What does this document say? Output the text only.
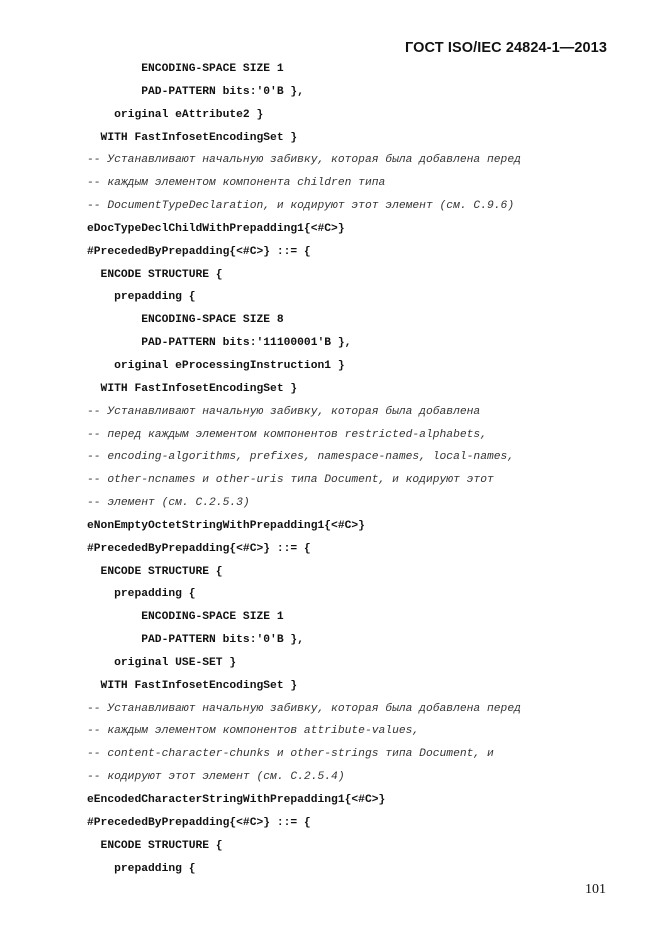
ГОСТ ISO/IEC 24824-1—2013
ENCODING-SPACE SIZE 1
PAD-PATTERN bits:'0'B },
original eAttribute2 }
WITH FastInfosetEncodingSet }
-- Устанавливают начальную забивку, которая была добавлена перед
-- каждым элементом компонента children типа
-- DocumentTypeDeclaration, и кодируют этот элемент (см. С.9.6)
eDocTypeDeclChildWithPrepadding1{<#C>}
#PrecededByPrepadding{<#C>} ::= {
ENCODE STRUCTURE {
prepadding {
ENCODING-SPACE SIZE 8
PAD-PATTERN bits:'11100001'B },
original eProcessingInstruction1 }
WITH FastInfosetEncodingSet }
-- Устанавливают начальную забивку, которая была добавлена
-- перед каждым элементом компонентов restricted-alphabets,
-- encoding-algorithms, prefixes, namespace-names, local-names,
-- other-ncnames и other-uris типа Document, и кодируют этот
-- элемент (см. С.2.5.3)
eNonEmptyOctetStringWithPrepadding1{<#C>}
#PrecededByPrepadding{<#C>} ::= {
ENCODE STRUCTURE {
prepadding {
ENCODING-SPACE SIZE 1
PAD-PATTERN bits:'0'B },
original USE-SET }
WITH FastInfosetEncodingSet }
-- Устанавливают начальную забивку, которая была добавлена перед
-- каждым элементом компонентов attribute-values,
-- content-character-chunks и other-strings типа Document, и
-- кодируют этот элемент (см. С.2.5.4)
eEncodedCharacterStringWithPrepadding1{<#C>}
#PrecededByPrepadding{<#C>} ::= {
ENCODE STRUCTURE {
prepadding {
101
